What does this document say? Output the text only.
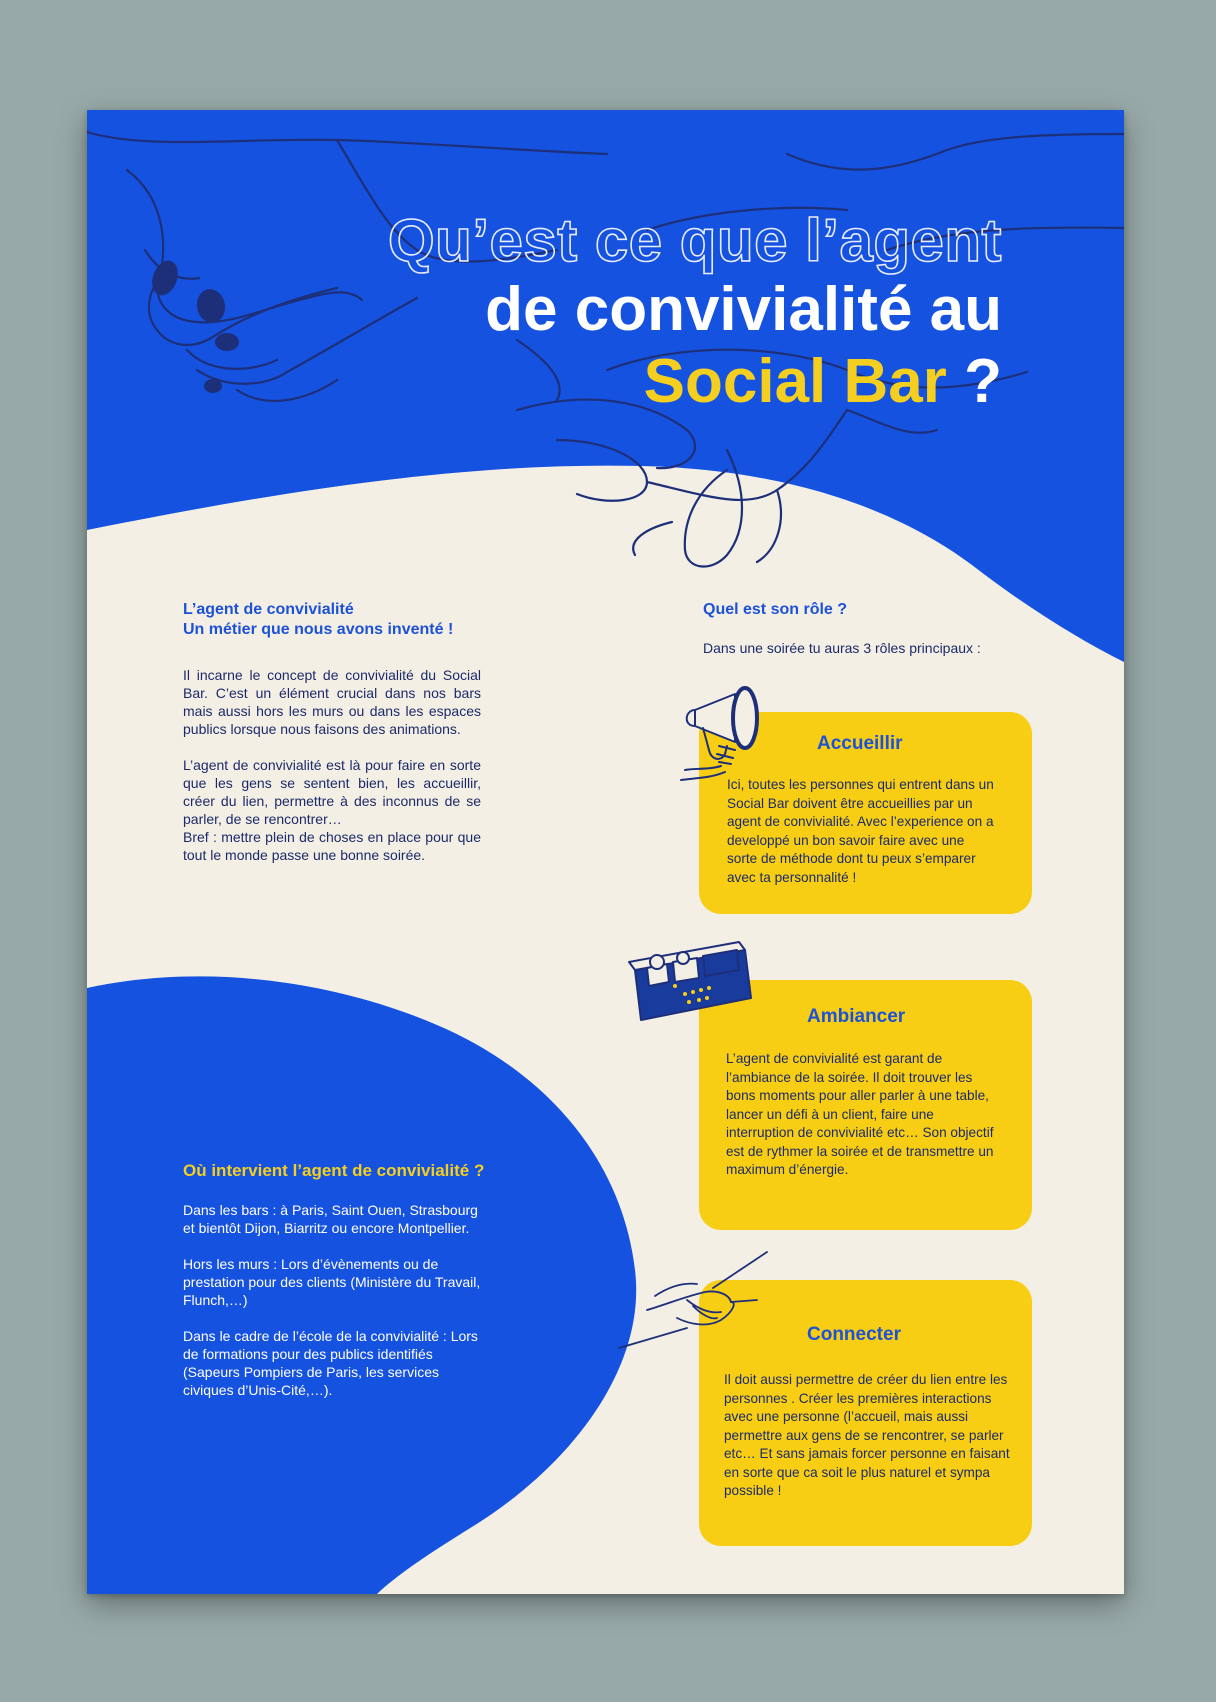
Qu’est ce que l’agent

de convivialité au

Social Bar ?

L’agent de convivialité
Un métier que nous avons inventé !

Il incarne le concept de convivialité du Social Bar. C’est un élément crucial dans nos bars mais aussi hors les murs ou dans les espaces publics lorsque nous faisons des animations.

L’agent de convivialité est là pour faire en sorte que les gens se sentent bien, les accueillir, créer du lien, permettre à des inconnus de se parler, de se rencontrer…

Bref : mettre plein de choses en place pour que tout le monde passe une bonne soirée.

Quel est son rôle ?
Dans une soirée tu auras 3 rôles principaux :

Accueillir

Ici, toutes les personnes qui entrent dans un Social Bar doivent être accueillies par un agent de convivialité. Avec l’experience on a developpé un bon savoir faire avec une sorte de méthode dont tu peux s’emparer avec ta personnalité !

Ambiancer

L’agent de convivialité est garant de l’ambiance de la soirée. Il doit trouver les bons moments pour aller parler à une table, lancer un défi à un client, faire une interruption de convivialité etc… Son objectif est de rythmer la soirée et de transmettre un maximum d’énergie.

Connecter

Il doit aussi permettre de créer du lien entre les personnes . Créer les premières interactions avec une personne (l’accueil, mais aussi permettre aux gens de se rencontrer, se parler etc… Et sans jamais forcer personne en faisant en sorte que ca soit le plus naturel et sympa possible !

Où intervient l’agent de convivialité ?

Dans les bars : à Paris, Saint Ouen, Strasbourg et bientôt Dijon, Biarritz ou encore Montpellier.

Hors les murs : Lors d’évènements ou de prestation pour des clients (Ministère du Travail, Flunch,…)

Dans le cadre de l’école de la convivialité : Lors de formations pour des publics identifiés (Sapeurs Pompiers de Paris, les services civiques d’Unis-Cité,…).
